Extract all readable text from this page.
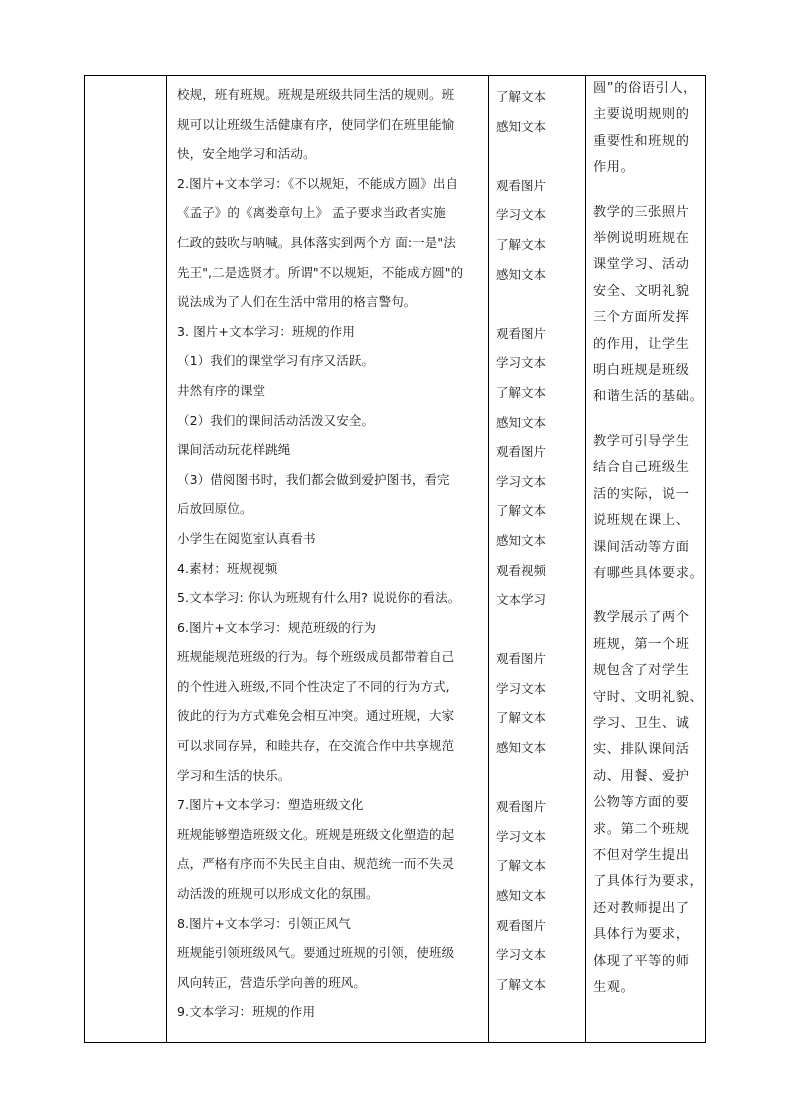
校规，班有班规。班规是班级共同生活的规则。班
规可以让班级生活健康有序，使同学们在班里能愉
快，安全地学习和活动。
2.图片+文本学习：《不以规矩，不能成方圆》出自
《孟子》的《离娄章句上》 孟子要求当政者实施
仁政的鼓吹与呐喊。具体落实到两个方 面:一是"法
先王",二是选贤才。所谓"不以规矩，不能成方圆"的
说法成为了人们在生活中常用的格言警句。
3. 图片+文本学习：班规的作用
（1）我们的课堂学习有序又活跃。
井然有序的课堂
（2）我们的课间活动活泼又安全。
课间活动玩花样跳绳
（3）借阅图书时，我们都会做到爱护图书，看完
后放回原位。
小学生在阅览室认真看书
4.素材：班规视频
5.文本学习: 你认为班规有什么用? 说说你的看法。
6.图片+文本学习：规范班级的行为
班规能规范班级的行为。每个班级成员都带着自己
的个性进入班级,不同个性决定了不同的行为方式,
彼此的行为方式难免会相互冲突。通过班规，大家
可以求同存异，和睦共存，在交流合作中共享规范
学习和生活的快乐。
7.图片+文本学习：塑造班级文化
班规能够塑造班级文化。班规是班级文化塑造的起
点，严格有序而不失民主自由、规范统一而不失灵
动活泼的班规可以形成文化的氛围。
8.图片+文本学习：引领正风气
班规能引领班级风气。要通过班规的引领，使班级
风向转正，营造乐学向善的班风。
9.文本学习：班规的作用
了解文本
感知文本
观看图片
学习文本
了解文本
感知文本
观看图片
学习文本
了解文本
感知文本
观看图片
学习文本
了解文本
感知文本
观看视频
文本学习
观看图片
学习文本
了解文本
感知文本
观看图片
学习文本
了解文本
感知文本
观看图片
学习文本
了解文本
圆”的俗语引人，
主要说明规则的
重要性和班规的
作用。
教学的三张照片
举例说明班规在
课堂学习、活动
安全、文明礼貌
三个方面所发挥
的作用，让学生
明白班规是班级
和谐生活的基础。
教学可引导学生
结合自己班级生
活的实际，说一
说班规在课上、
课间活动等方面
有哪些具体要求。
教学展示了两个
班规，第一个班
规包含了对学生
守时、文明礼貌、
学习、卫生、诚
实、排队课间活
动、用餐、爱护
公物等方面的要
求。第二个班规
不但对学生提出
了具体行为要求，
还对教师提出了
具体行为要求，
体现了平等的师
生观。
